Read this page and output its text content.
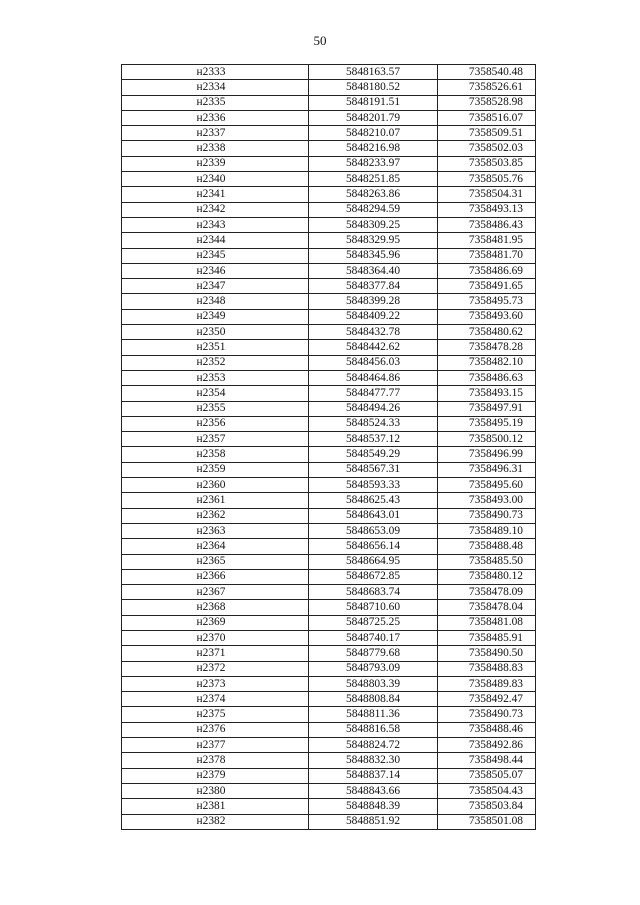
50
н2333	5848163.57	7358540.48
н2334	5848180.52	7358526.61
н2335	5848191.51	7358528.98
н2336	5848201.79	7358516.07
н2337	5848210.07	7358509.51
н2338	5848216.98	7358502.03
н2339	5848233.97	7358503.85
н2340	5848251.85	7358505.76
н2341	5848263.86	7358504.31
н2342	5848294.59	7358493.13
н2343	5848309.25	7358486.43
н2344	5848329.95	7358481.95
н2345	5848345.96	7358481.70
н2346	5848364.40	7358486.69
н2347	5848377.84	7358491.65
н2348	5848399.28	7358495.73
н2349	5848409.22	7358493.60
н2350	5848432.78	7358480.62
н2351	5848442.62	7358478.28
н2352	5848456.03	7358482.10
н2353	5848464.86	7358486.63
н2354	5848477.77	7358493.15
н2355	5848494.26	7358497.91
н2356	5848524.33	7358495.19
н2357	5848537.12	7358500.12
н2358	5848549.29	7358496.99
н2359	5848567.31	7358496.31
н2360	5848593.33	7358495.60
н2361	5848625.43	7358493.00
н2362	5848643.01	7358490.73
н2363	5848653.09	7358489.10
н2364	5848656.14	7358488.48
н2365	5848664.95	7358485.50
н2366	5848672.85	7358480.12
н2367	5848683.74	7358478.09
н2368	5848710.60	7358478.04
н2369	5848725.25	7358481.08
н2370	5848740.17	7358485.91
н2371	5848779.68	7358490.50
н2372	5848793.09	7358488.83
н2373	5848803.39	7358489.83
н2374	5848808.84	7358492.47
н2375	5848811.36	7358490.73
н2376	5848816.58	7358488.46
н2377	5848824.72	7358492.86
н2378	5848832.30	7358498.44
н2379	5848837.14	7358505.07
н2380	5848843.66	7358504.43
н2381	5848848.39	7358503.84
н2382	5848851.92	7358501.08
